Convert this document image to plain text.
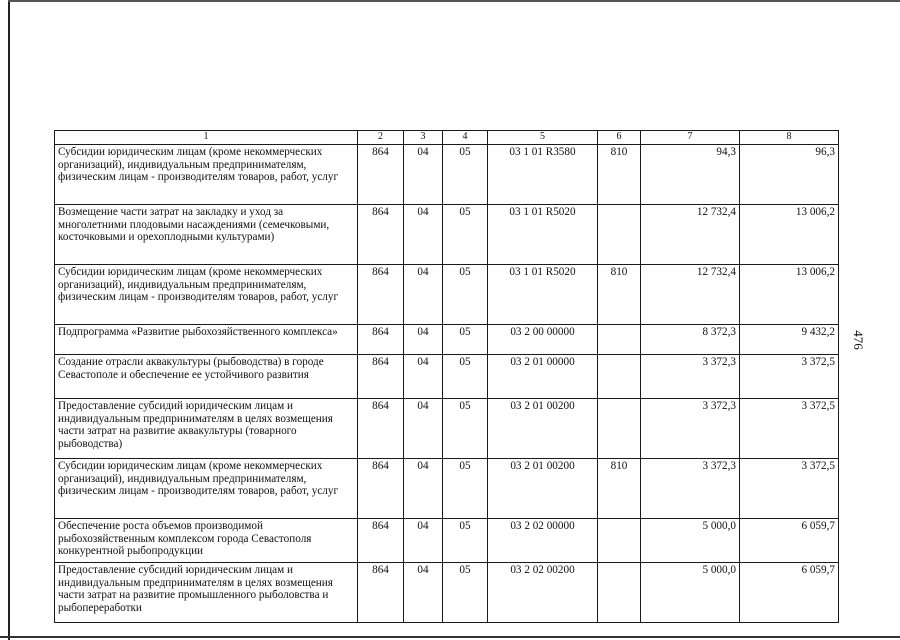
476
1	2	3	4	5	6	7	8
Субсидии юридическим лицам (кроме некоммерческих организаций), индивидуальным предпринимателям, физическим лицам - производителям товаров, работ, услуг	864	04	05	03 1 01 R3580	810	94,3	96,3
Возмещение части затрат на закладку и уход за многолетними плодовыми насаждениями (семечковыми, косточковыми и орехоплодными культурами)	864	04	05	03 1 01 R5020		12 732,4	13 006,2
Субсидии юридическим лицам (кроме некоммерческих организаций), индивидуальным предпринимателям, физическим лицам - производителям товаров, работ, услуг	864	04	05	03 1 01 R5020	810	12 732,4	13 006,2
Подпрограмма «Развитие рыбохозяйственного комплекса»	864	04	05	03 2 00 00000		8 372,3	9 432,2
Создание отрасли аквакультуры (рыбоводства) в городе Севастополе и обеспечение ее устойчивого развития	864	04	05	03 2 01 00000		3 372,3	3 372,5
Предоставление субсидий юридическим лицам и индивидуальным предпринимателям в целях возмещения части затрат на развитие аквакультуры (товарного рыбоводства)	864	04	05	03 2 01 00200		3 372,3	3 372,5
Субсидии юридическим лицам (кроме некоммерческих организаций), индивидуальным предпринимателям, физическим лицам - производителям товаров, работ, услуг	864	04	05	03 2 01 00200	810	3 372,3	3 372,5
Обеспечение роста объемов производимой рыбохозяйственным комплексом города Севастополя конкурентной рыбопродукции	864	04	05	03 2 02 00000		5 000,0	6 059,7
Предоставление субсидий юридическим лицам и индивидуальным предпринимателям в целях возмещения части затрат на развитие промышленного рыболовства и рыбопереработки	864	04	05	03 2 02 00200		5 000,0	6 059,7
